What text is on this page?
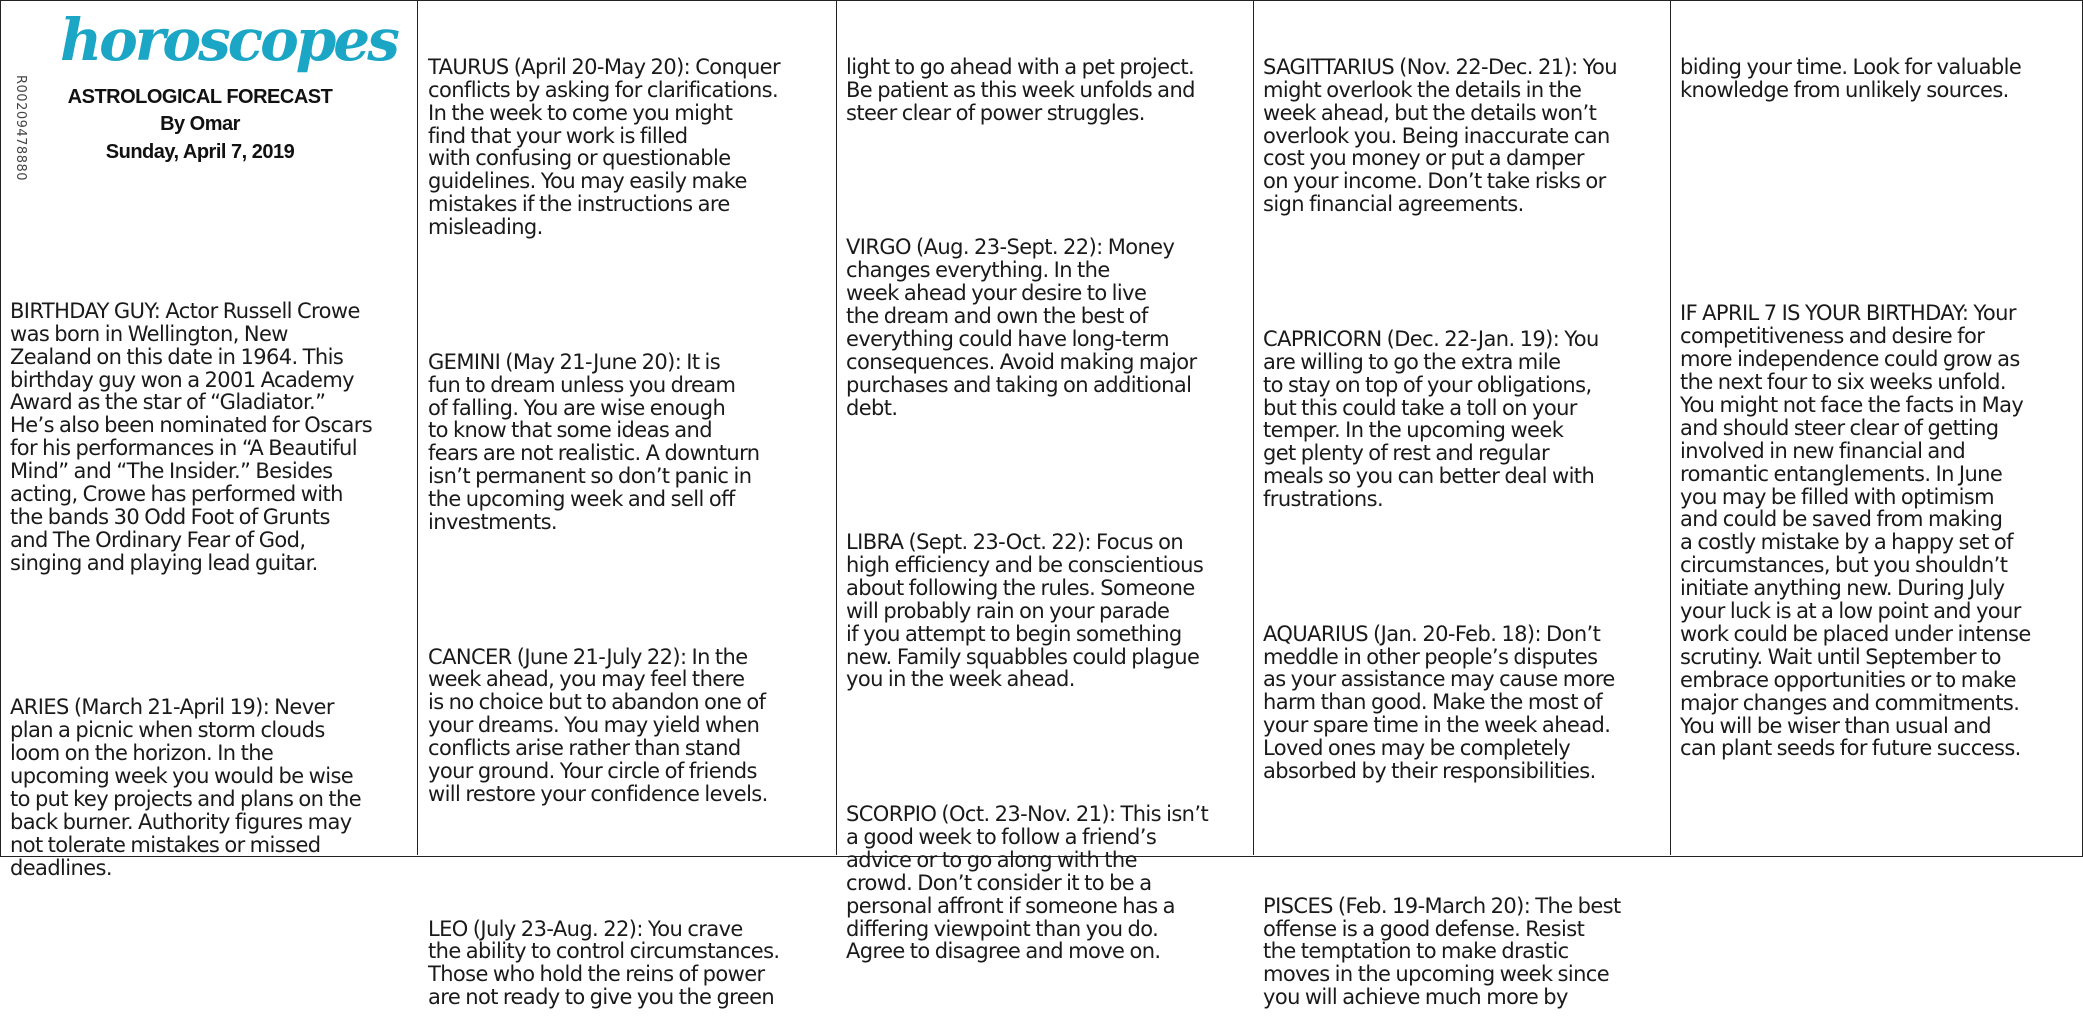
horoscopes
R00209478880	ASTROLOGICAL FORECAST
By Omar
Sunday, April 7, 2019

BIRTHDAY GUY: Actor Russell Crowe
was born in Wellington, New
Zealand on this date in 1964. This
birthday guy won a 2001 Academy
Award as the star of “Gladiator.”
He’s also been nominated for Oscars
for his performances in “A Beautiful
Mind” and “The Insider.” Besides
acting, Crowe has performed with
the bands 30 Odd Foot of Grunts
and The Ordinary Fear of God,
singing and playing lead guitar.

ARIES (March 21-April 19): Never
plan a picnic when storm clouds
loom on the horizon. In the
upcoming week you would be wise
to put key projects and plans on the
back burner. Authority figures may
not tolerate mistakes or missed
deadlines.

TAURUS (April 20-May 20): Conquer
conflicts by asking for clarifications.
In the week to come you might
find that your work is filled
with confusing or questionable
guidelines. You may easily make
mistakes if the instructions are
misleading.

GEMINI (May 21-June 20): It is
fun to dream unless you dream
of falling. You are wise enough
to know that some ideas and
fears are not realistic. A downturn
isn’t permanent so don’t panic in
the upcoming week and sell off
investments.

CANCER (June 21-July 22): In the
week ahead, you may feel there
is no choice but to abandon one of
your dreams. You may yield when
conflicts arise rather than stand
your ground. Your circle of friends
will restore your confidence levels.

LEO (July 23-Aug. 22): You crave
the ability to control circumstances.
Those who hold the reins of power
are not ready to give you the green

light to go ahead with a pet project.
Be patient as this week unfolds and
steer clear of power struggles.

VIRGO (Aug. 23-Sept. 22): Money
changes everything. In the
week ahead your desire to live
the dream and own the best of
everything could have long-term
consequences. Avoid making major
purchases and taking on additional
debt.

LIBRA (Sept. 23-Oct. 22): Focus on
high efficiency and be conscientious
about following the rules. Someone
will probably rain on your parade
if you attempt to begin something
new. Family squabbles could plague
you in the week ahead.

SCORPIO (Oct. 23-Nov. 21): This isn’t
a good week to follow a friend’s
advice or to go along with the
crowd. Don’t consider it to be a
personal affront if someone has a
differing viewpoint than you do.
Agree to disagree and move on.

SAGITTARIUS (Nov. 22-Dec. 21): You
might overlook the details in the
week ahead, but the details won’t
overlook you. Being inaccurate can
cost you money or put a damper
on your income. Don’t take risks or
sign financial agreements.

CAPRICORN (Dec. 22-Jan. 19): You
are willing to go the extra mile
to stay on top of your obligations,
but this could take a toll on your
temper. In the upcoming week
get plenty of rest and regular
meals so you can better deal with
frustrations.

AQUARIUS (Jan. 20-Feb. 18): Don’t
meddle in other people’s disputes
as your assistance may cause more
harm than good. Make the most of
your spare time in the week ahead.
Loved ones may be completely
absorbed by their responsibilities.

PISCES (Feb. 19-March 20): The best
offense is a good defense. Resist
the temptation to make drastic
moves in the upcoming week since
you will achieve much more by

biding your time. Look for valuable
knowledge from unlikely sources.

IF APRIL 7 IS YOUR BIRTHDAY: Your
competitiveness and desire for
more independence could grow as
the next four to six weeks unfold.
You might not face the facts in May
and should steer clear of getting
involved in new financial and
romantic entanglements. In June
you may be filled with optimism
and could be saved from making
a costly mistake by a happy set of
circumstances, but you shouldn’t
initiate anything new. During July
your luck is at a low point and your
work could be placed under intense
scrutiny. Wait until September to
embrace opportunities or to make
major changes and commitments.
You will be wiser than usual and
can plant seeds for future success.
